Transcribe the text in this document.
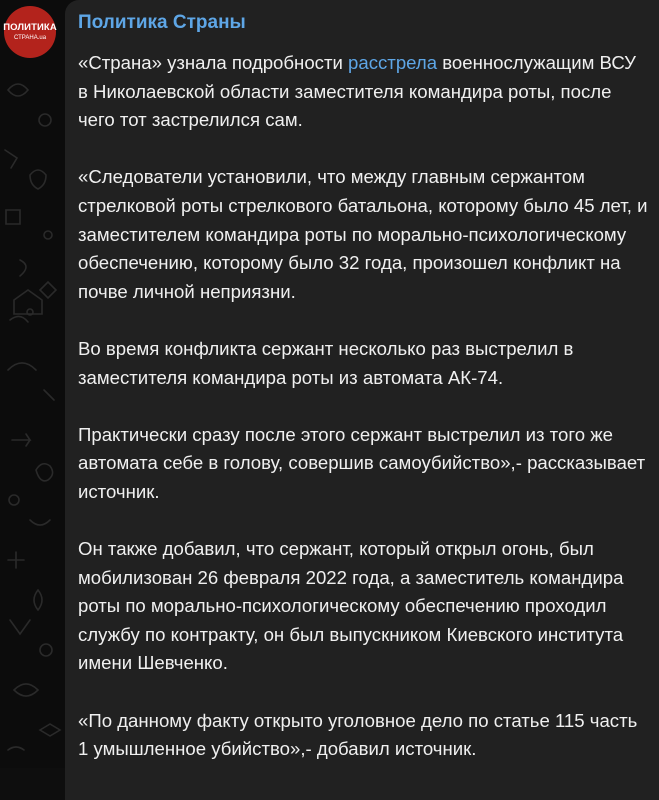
ПОЛИТИКА
СТРАНА.ua
Политика Страны

«Страна» узнала подробности расстрела военнослужащим ВСУ в Николаевской области заместителя командира роты, после чего тот застрелился сам.

«Следователи установили, что между главным сержантом стрелковой роты стрелкового батальона, которому было 45 лет, и заместителем командира роты по морально-психологическому обеспечению, которому было 32 года, произошел конфликт на почве личной неприязни.

Во время конфликта сержант несколько раз выстрелил в заместителя командира роты из автомата АК-74.

Практически сразу после этого сержант выстрелил из того же автомата себе в голову, совершив самоубийство»,- рассказывает источник.

Он также добавил, что сержант, который открыл огонь, был мобилизован 26 февраля 2022 года, а заместитель командира роты по морально-психологическому обеспечению проходил службу по контракту, он был выпускником Киевского института имени Шевченко.

«По данному факту открыто уголовное дело по статье 115 часть 1 умышленное убийство»,- добавил источник.
